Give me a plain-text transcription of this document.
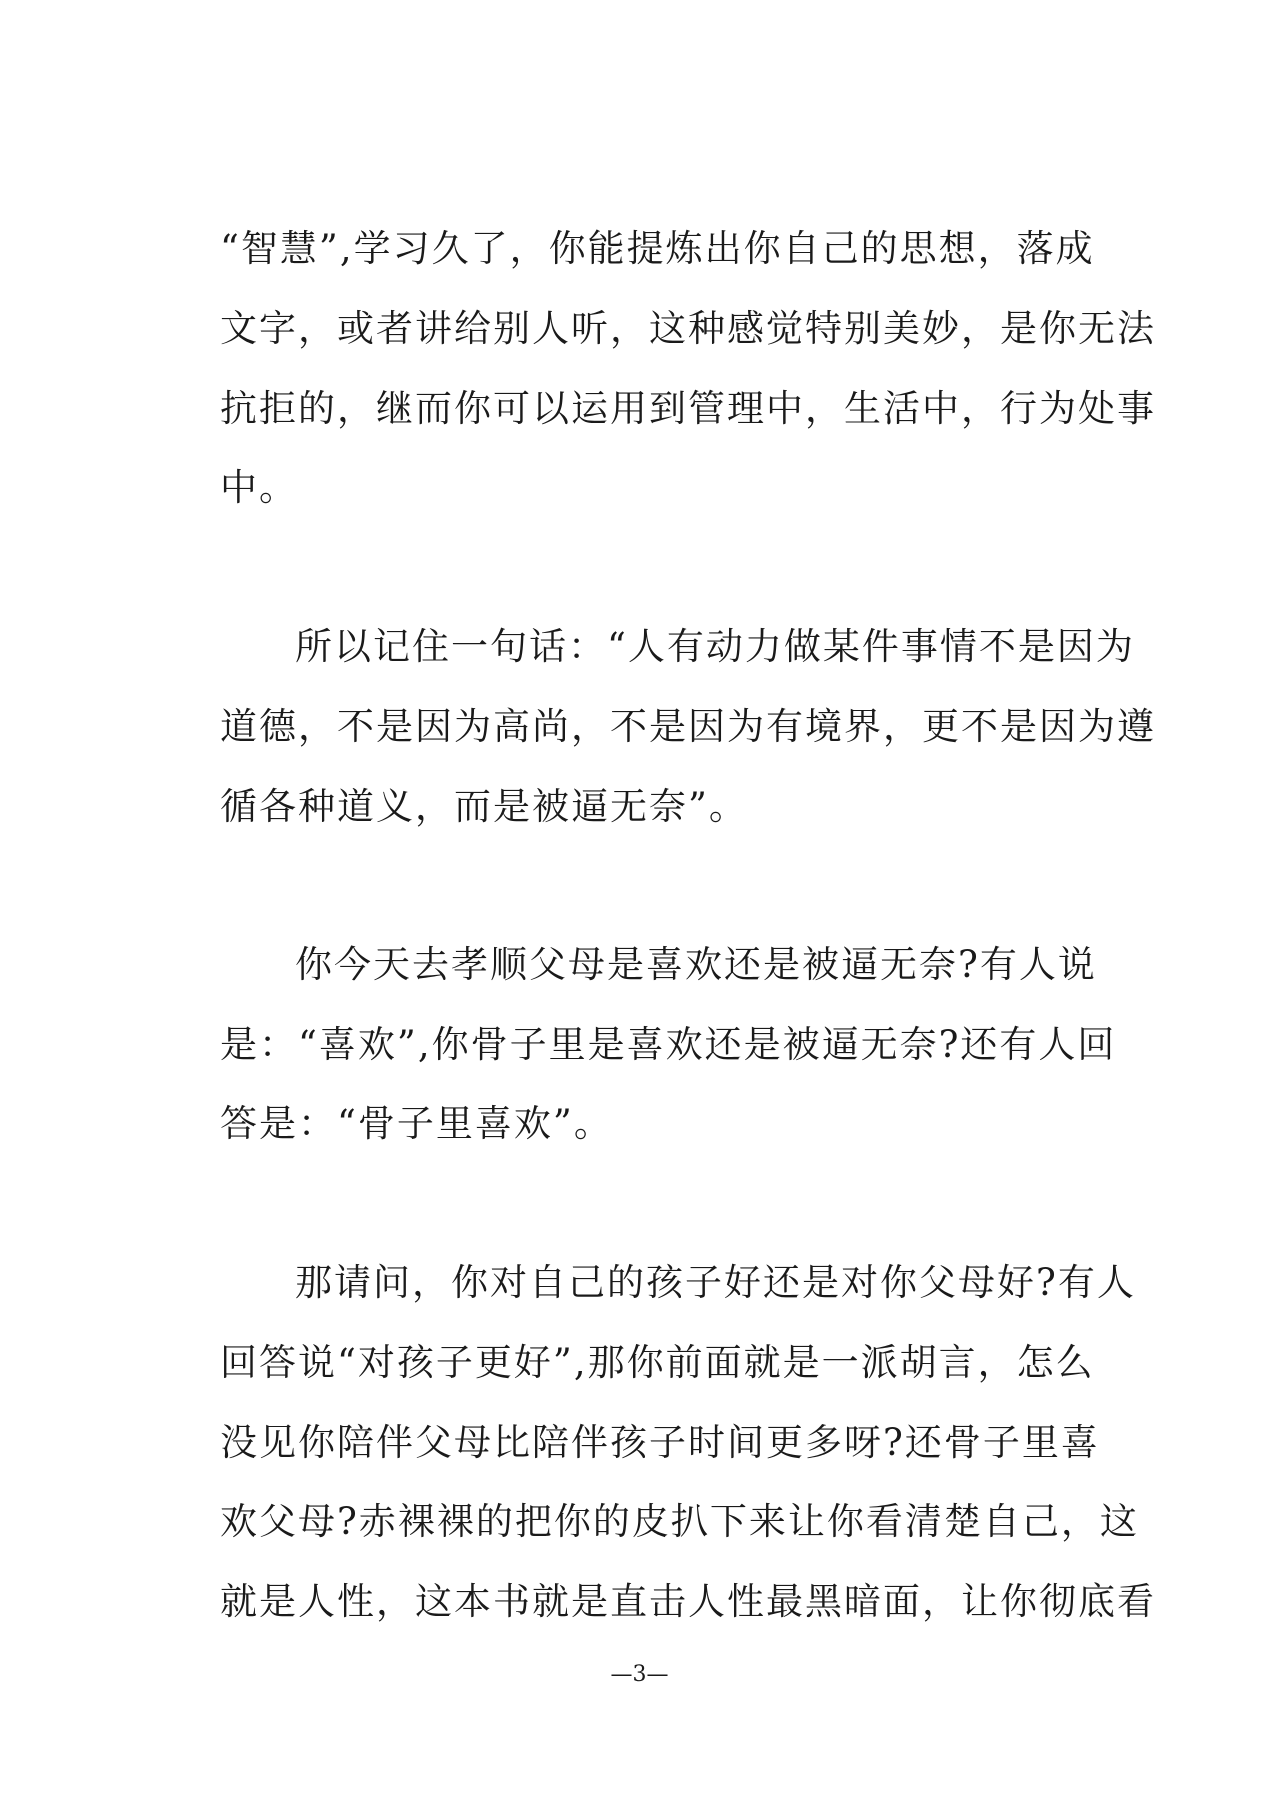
“智慧”,学习久了，你能提炼出你自己的思想，落成
文字，或者讲给别人听，这种感觉特别美妙，是你无法
抗拒的，继而你可以运用到管理中，生活中，行为处事
中。
所以记住一句话：“人有动力做某件事情不是因为
道德，不是因为高尚，不是因为有境界，更不是因为遵
循各种道义，而是被逼无奈”。
你今天去孝顺父母是喜欢还是被逼无奈?有人说
是：“喜欢”,你骨子里是喜欢还是被逼无奈?还有人回
答是：“骨子里喜欢”。
那请问，你对自己的孩子好还是对你父母好?有人
回答说“对孩子更好”,那你前面就是一派胡言，怎么
没见你陪伴父母比陪伴孩子时间更多呀?还骨子里喜
欢父母?赤裸裸的把你的皮扒下来让你看清楚自己，这
就是人性，这本书就是直击人性最黑暗面，让你彻底看
—3—
